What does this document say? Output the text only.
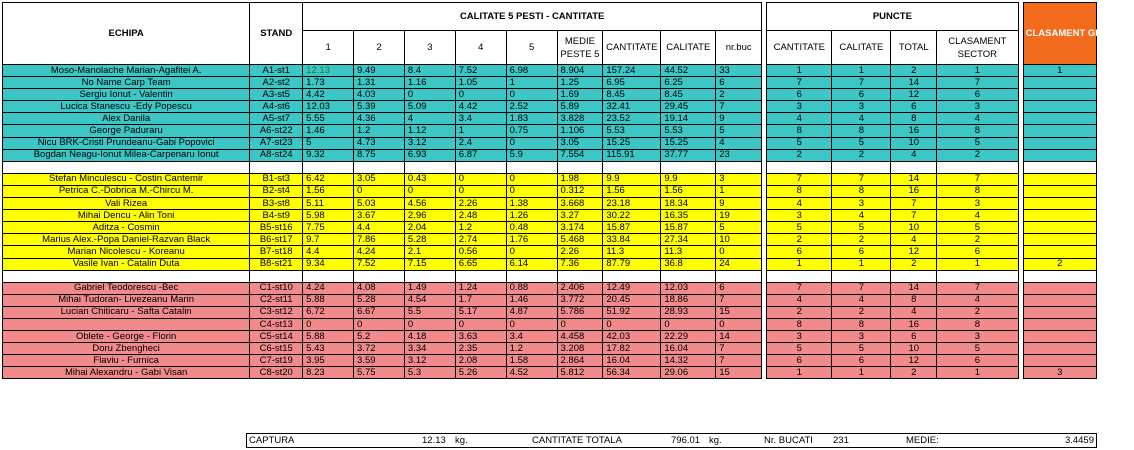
ECHIPA	STAND	CALITATE 5 PESTI - CANTITATE										PUNCTE					CLASAMENT GENERAL
		1	2	3	4	5	MEDIE PESTE 5	CANTITATE	CALITATE	nr.buc		CANTITATE	CALITATE	TOTAL	CLASAMENT SECTOR		
Moso-Manolache Marian-Agafitei A.	A1-st1	12.13	9.49	8.4	7.52	6.98	8.904	157.24	44.52	33		1	1	2	1		1
No Name Carp Team	A2-st2	1.73	1.31	1.16	1.05	1	1.25	6.95	6.25	6		7	7	14	7		
Sergiu Ionut - Valentin	A3-st5	4.42	4.03	0	0	0	1.69	8.45	8.45	2		6	6	12	6		
Lucica Stanescu -Edy Popescu	A4-st6	12.03	5.39	5.09	4.42	2.52	5.89	32.41	29.45	7		3	3	6	3		
Alex Danila	A5-st7	5.55	4.36	4	3.4	1.83	3.828	23.52	19.14	9		4	4	8	4		
George Paduraru	A6-st22	1.46	1.2	1.12	1	0.75	1.106	5.53	5.53	5		8	8	16	8		
Nicu BRK-Cristi Prundeanu-Gabi Popovici	A7-st23	5	4.73	3.12	2.4	0	3.05	15.25	15.25	4		5	5	10	5		
Bogdan Neagu-Ionut Milea-Carpenaru Ionut	A8-st24	9.32	8.75	6.93	6.87	5.9	7.554	115.91	37.77	23		2	2	4	2		

Stefan Minculescu - Costin Cantemir	B1-st3	6.42	3.05	0.43	0	0	1.98	9.9	9.9	3		7	7	14	7		
Petrica C.-Dobrica M.-Chircu M.	B2-st4	1.56	0	0	0	0	0.312	1.56	1.56	1		8	8	16	8		
Vali Rizea	B3-st8	5.11	5.03	4.56	2.26	1.38	3.668	23.18	18.34	9		4	3	7	3		
Mihai Dencu - Alin Toni	B4-st9	5.98	3.67	2.96	2.48	1.26	3.27	30.22	16.35	19		3	4	7	4		
Aditza - Cosmin	B5-st16	7.75	4.4	2.04	1.2	0.48	3.174	15.87	15.87	5		5	5	10	5		
Marius Alex.-Popa Daniel-Razvan Black	B6-st17	9.7	7.86	5.28	2.74	1.76	5.468	33.84	27.34	10		2	2	4	2		
Marian Nicolescu - Koreanu	B7-st18	4.4	4.24	2.1	0.56	0	2.26	11.3	11.3	0		6	6	12	6		
Vasile Ivan - Catalin Duta	B8-st21	9.34	7.52	7.15	6.65	6.14	7.36	87.79	36.8	24		1	1	2	1		2

Gabriel Teodorescu -Bec	C1-st10	4.24	4.08	1.49	1.24	0.88	2.406	12.49	12.03	6		7	7	14	7		
Mihai Tudoran- Livezeanu Marin	C2-st11	5.88	5.28	4.54	1.7	1.46	3.772	20.45	18.86	7		4	4	8	4		
Lucian Chiticaru - Safta Catalin	C3-st12	6.72	6.67	5.5	5.17	4.87	5.786	51.92	28.93	15		2	2	4	2		
	C4-st13	0	0	0	0	0	0	0	0	0		8	8	16	8		
Oblete - George - Florin	C5-st14	5.88	5.2	4.18	3.63	3.4	4.458	42.03	22.29	14		3	3	6	3		
Doru Zbengheci	C6-st15	5.43	3.72	3.34	2.35	1.2	3.208	17.82	16.04	7		5	5	10	5		
Flaviu - Furnica	C7-st19	3.95	3.59	3.12	2.08	1.58	2.864	16.04	14.32	7		6	6	12	6		
Mihai Alexandru - Gabi Visan	C8-st20	8.23	5.75	5.3	5.26	4.52	5.812	56.34	29.06	15		1	1	2	1		3
CAPTURA	12.13 kg.	CANTITATE TOTALA	796.01 kg.	Nr. BUCATI 231	MEDIE:	3.4459
